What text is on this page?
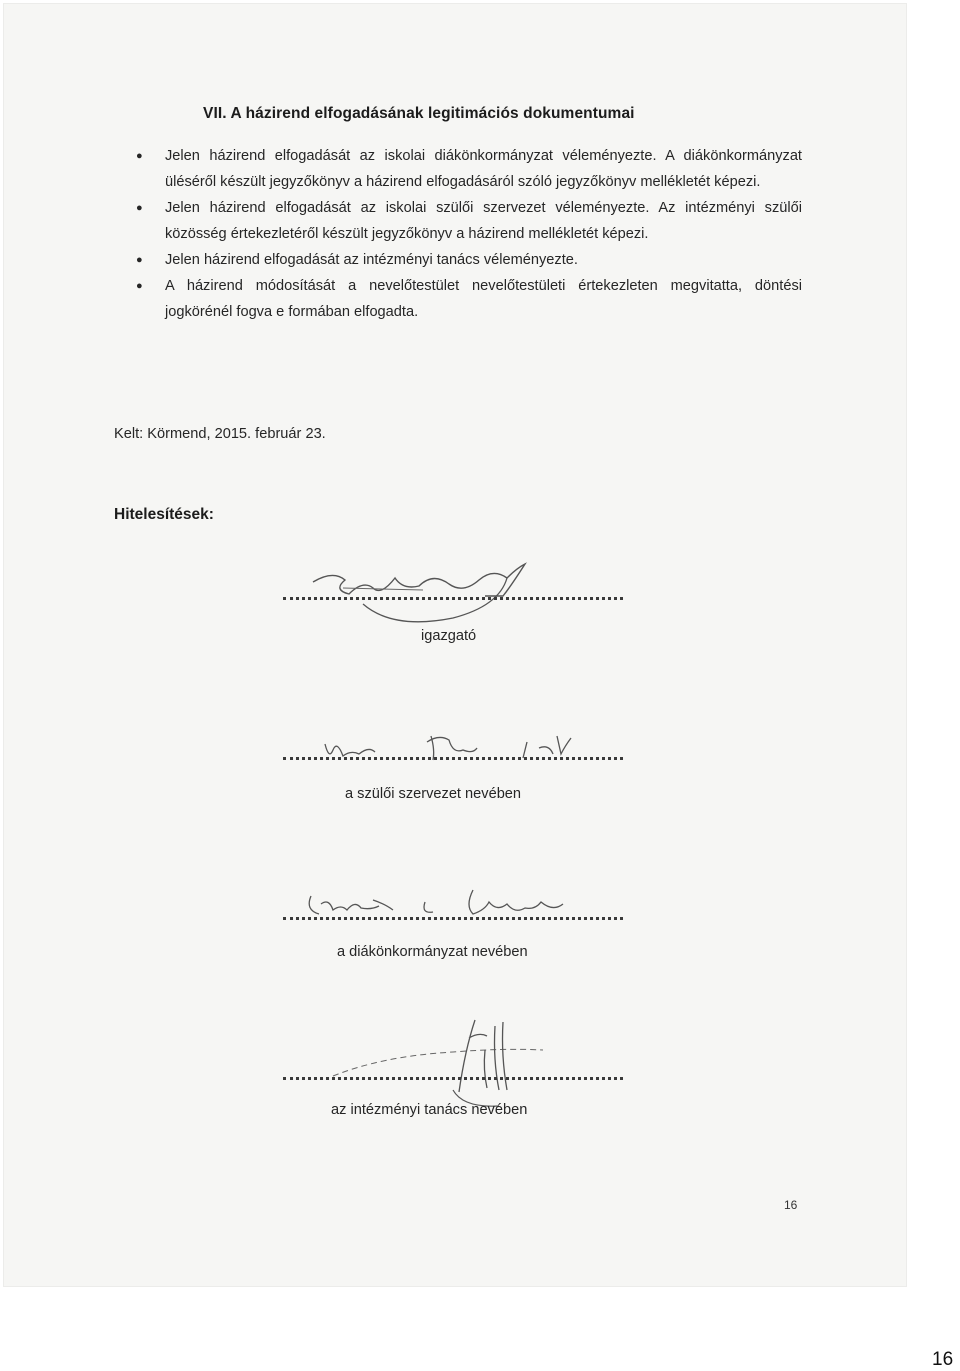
VII. A házirend elfogadásának legitimációs dokumentumai
● Jelen házirend elfogadását az iskolai diákönkormányzat véleményezte. A diákönkormányzat üléséről készült jegyzőkönyv a házirend elfogadásáról szóló jegyzőkönyv mellékletét képezi.
● Jelen házirend elfogadását az iskolai szülői szervezet véleményezte. Az intézményi szülői közösség értekezletéről készült jegyzőkönyv a házirend mellékletét képezi.
● Jelen házirend elfogadását az intézményi tanács véleményezte.
● A házirend módosítását a nevelőtestület nevelőtestületi értekezleten megvitatta, döntési jogkörénél fogva e formában elfogadta.
Kelt: Körmend, 2015. február 23.
Hitelesítések:
igazgató
a szülői szervezet nevében
a diákönkormányzat nevében
az intézményi tanács nevében
16
16
